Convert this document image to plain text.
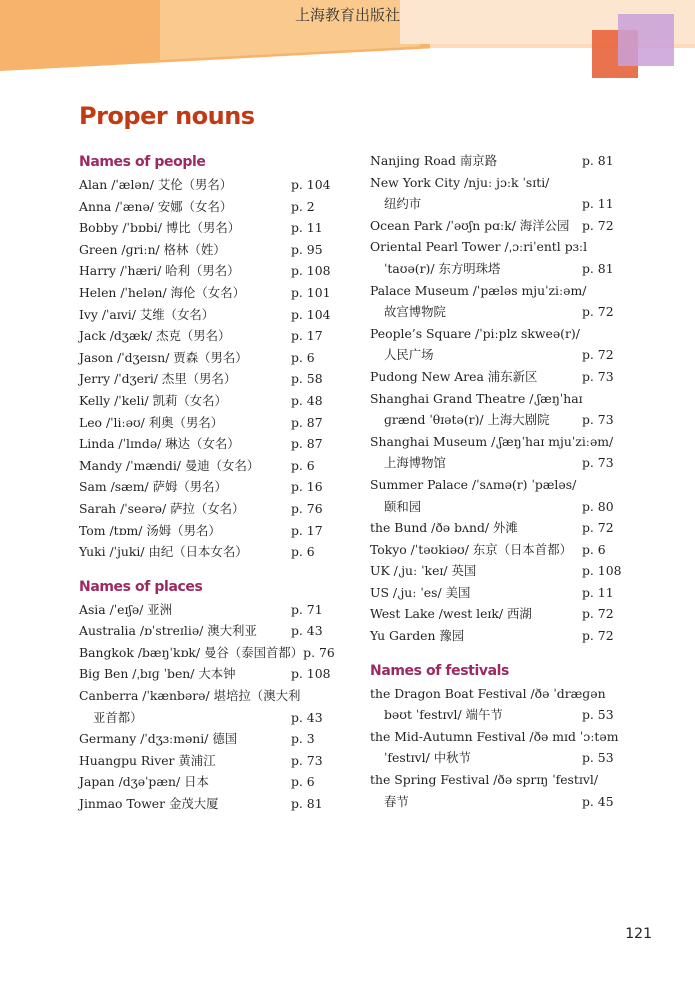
上海教育出版社
Proper nouns
Names of people
Alan /ˈælən/ 艾伦（男名）	p. 104
Anna /ˈænə/ 安娜（女名）	p. 2
Bobby /ˈbɒbi/ 博比（男名）	p. 11
Green /ɡriːn/ 格林（姓）	p. 95
Harry /ˈhæri/ 哈利（男名）	p. 108
Helen /ˈhelən/ 海伦（女名）	p. 101
Ivy /ˈaɪvi/ 艾维（女名）	p. 104
Jack /dʒæk/ 杰克（男名）	p. 17
Jason /ˈdʒeɪsn/ 贾森（男名）	p. 6
Jerry /ˈdʒeri/ 杰里（男名）	p. 58
Kelly /ˈkeli/ 凯莉（女名）	p. 48
Leo /ˈliːəʊ/ 利奥（男名）	p. 87
Linda /ˈlɪndə/ 琳达（女名）	p. 87
Mandy /ˈmændi/ 曼迪（女名）	p. 6
Sam /sæm/ 萨姆（男名）	p. 16
Sarah /ˈseərə/ 萨拉（女名）	p. 76
Tom /tɒm/ 汤姆（男名）	p. 17
Yuki /ˈjuki/ 由纪（日本女名）	p. 6
Names of places
Asia /ˈeɪʃə/ 亚洲	p. 71
Australia /ɒˈstreɪliə/ 澳大利亚	p. 43
Bangkok /bæŋˈkɒk/ 曼谷（泰国首都） p. 76
Big Ben /ˌbɪɡ ˈben/ 大本钟	p. 108
Canberra /ˈkænbərə/ 堪培拉（澳大利
亚首都）	p. 43
Germany /ˈdʒɜːməni/ 德国	p. 3
Huangpu River 黄浦江	p. 73
Japan /dʒəˈpæn/ 日本	p. 6
Jinmao Tower 金茂大厦	p. 81
Nanjing Road 南京路	p. 81
New York City /njuː jɔːk ˈsɪti/
纽约市	p. 11
Ocean Park /ˈəʊʃn pɑːk/ 海洋公园 p. 72
Oriental Pearl Tower /ˌɔːriˈentl pɜːl
ˈtaʊə(r)/ 东方明珠塔	p. 81
Palace Museum /ˈpæləs mjuˈziːəm/
故宫博物院	p. 72
People’s Square /ˈpiːplz skweə(r)/
人民广场	p. 72
Pudong New Area 浦东新区	p. 73
Shanghai Grand Theatre /ˌʃæŋˈhaɪ
ɡrænd ˈθɪətə(r)/ 上海大剧院	p. 73
Shanghai Museum /ˌʃæŋˈhaɪ mjuˈziːəm/
上海博物馆	p. 73
Summer Palace /ˈsʌmə(r) ˈpæləs/
颐和园	p. 80
the Bund /ðə bʌnd/ 外滩	p. 72
Tokyo /ˈtəʊkiəʊ/ 东京（日本首都） p. 6
UK /ˌjuː ˈkeɪ/ 英国	p. 108
US /ˌjuː ˈes/ 美国	p. 11
West Lake /west leɪk/ 西湖	p. 72
Yu Garden 豫园	p. 72
Names of festivals
the Dragon Boat Festival /ðə ˈdræɡən
bəʊt ˈfestɪvl/ 端午节	p. 53
the Mid-Autumn Festival /ðə mɪd ˈɔːtəm
ˈfestɪvl/ 中秋节	p. 53
the Spring Festival /ðə sprɪŋ ˈfestɪvl/
春节	p. 45
121
